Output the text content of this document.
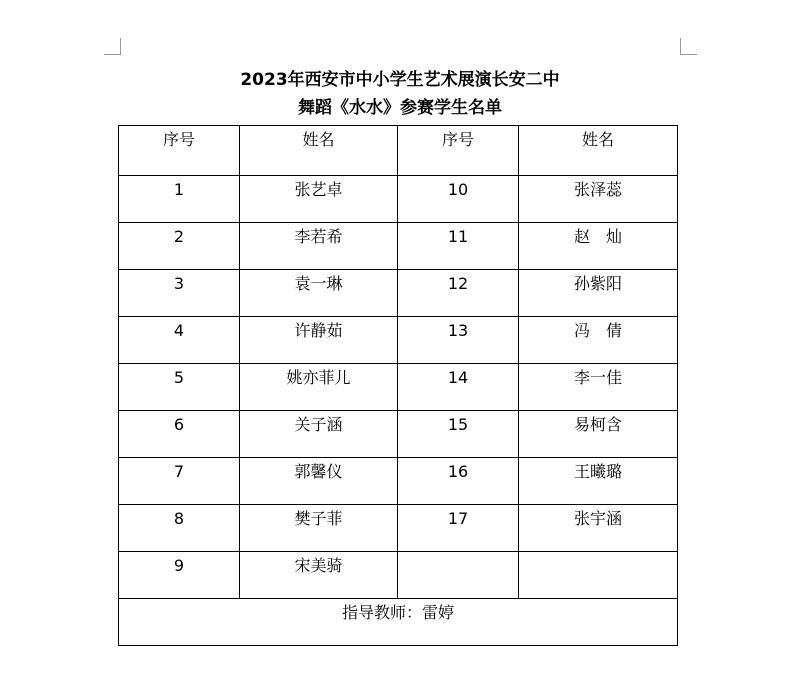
2023年西安市中小学生艺术展演长安二中
舞蹈《水水》参赛学生名单
序号	姓名	序号	姓名

1	张艺卓	10	张泽蕊

2	李若希	11	赵　灿

3	袁一琳	12	孙紫阳

4	许静茹	13	冯　倩

5	姚亦菲儿	14	李一佳

6	关子涵	15	易柯含

7	郭馨仪	16	王曦璐

8	樊子菲	17	张宇涵

9	宋美骑		

指导教师：雷婷			
